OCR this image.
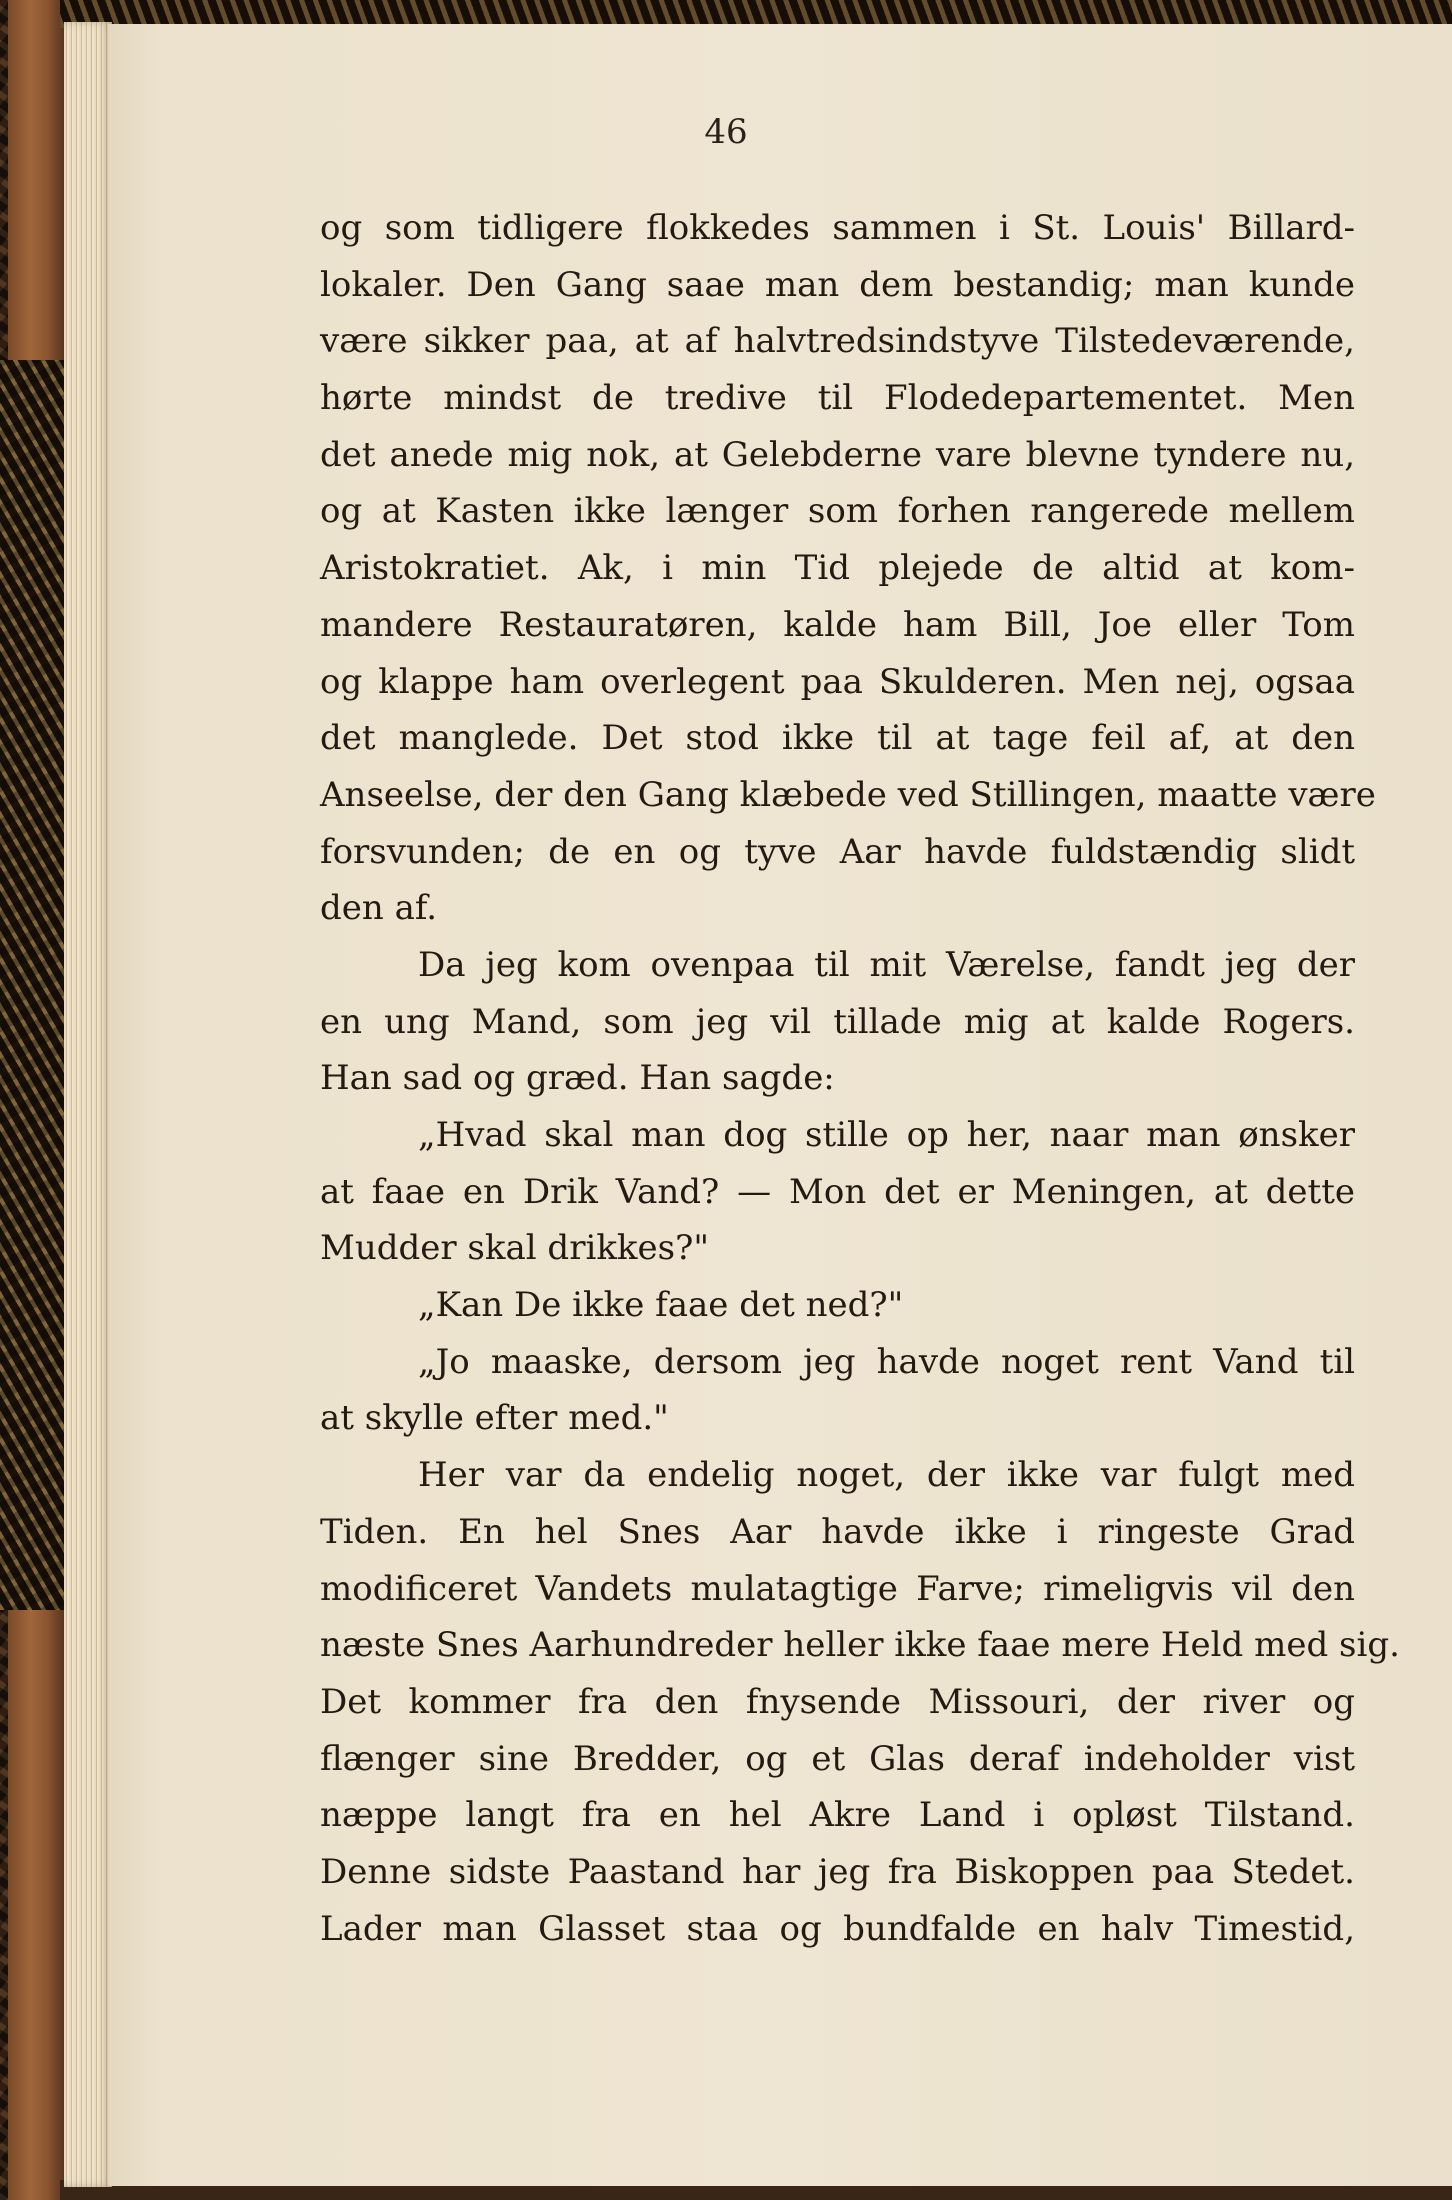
46
og som tidligere flokkedes sammen i St. Louis' Billard-
lokaler. Den Gang saae man dem bestandig; man kunde
være sikker paa, at af halvtredsindstyve Tilstedeværende,
hørte mindst de tredive til Flodedepartementet. Men
det anede mig nok, at Gelebderne vare blevne tyndere nu,
og at Kasten ikke længer som forhen rangerede mellem
Aristokratiet. Ak, i min Tid plejede de altid at kom-
mandere Restauratøren, kalde ham Bill, Joe eller Tom
og klappe ham overlegent paa Skulderen. Men nej, ogsaa
det manglede. Det stod ikke til at tage feil af, at den
Anseelse, der den Gang klæbede ved Stillingen, maatte være
forsvunden; de en og tyve Aar havde fuldstændig slidt
den af.
Da jeg kom ovenpaa til mit Værelse, fandt jeg der
en ung Mand, som jeg vil tillade mig at kalde Rogers.
Han sad og græd. Han sagde:
„Hvad skal man dog stille op her, naar man ønsker
at faae en Drik Vand? — Mon det er Meningen, at dette
Mudder skal drikkes?"
„Kan De ikke faae det ned?"
„Jo maaske, dersom jeg havde noget rent Vand til
at skylle efter med."
Her var da endelig noget, der ikke var fulgt med
Tiden. En hel Snes Aar havde ikke i ringeste Grad
modificeret Vandets mulatagtige Farve; rimeligvis vil den
næste Snes Aarhundreder heller ikke faae mere Held med sig.
Det kommer fra den fnysende Missouri, der river og
flænger sine Bredder, og et Glas deraf indeholder vist
næppe langt fra en hel Akre Land i opløst Tilstand.
Denne sidste Paastand har jeg fra Biskoppen paa Stedet.
Lader man Glasset staa og bundfalde en halv Timestid,
